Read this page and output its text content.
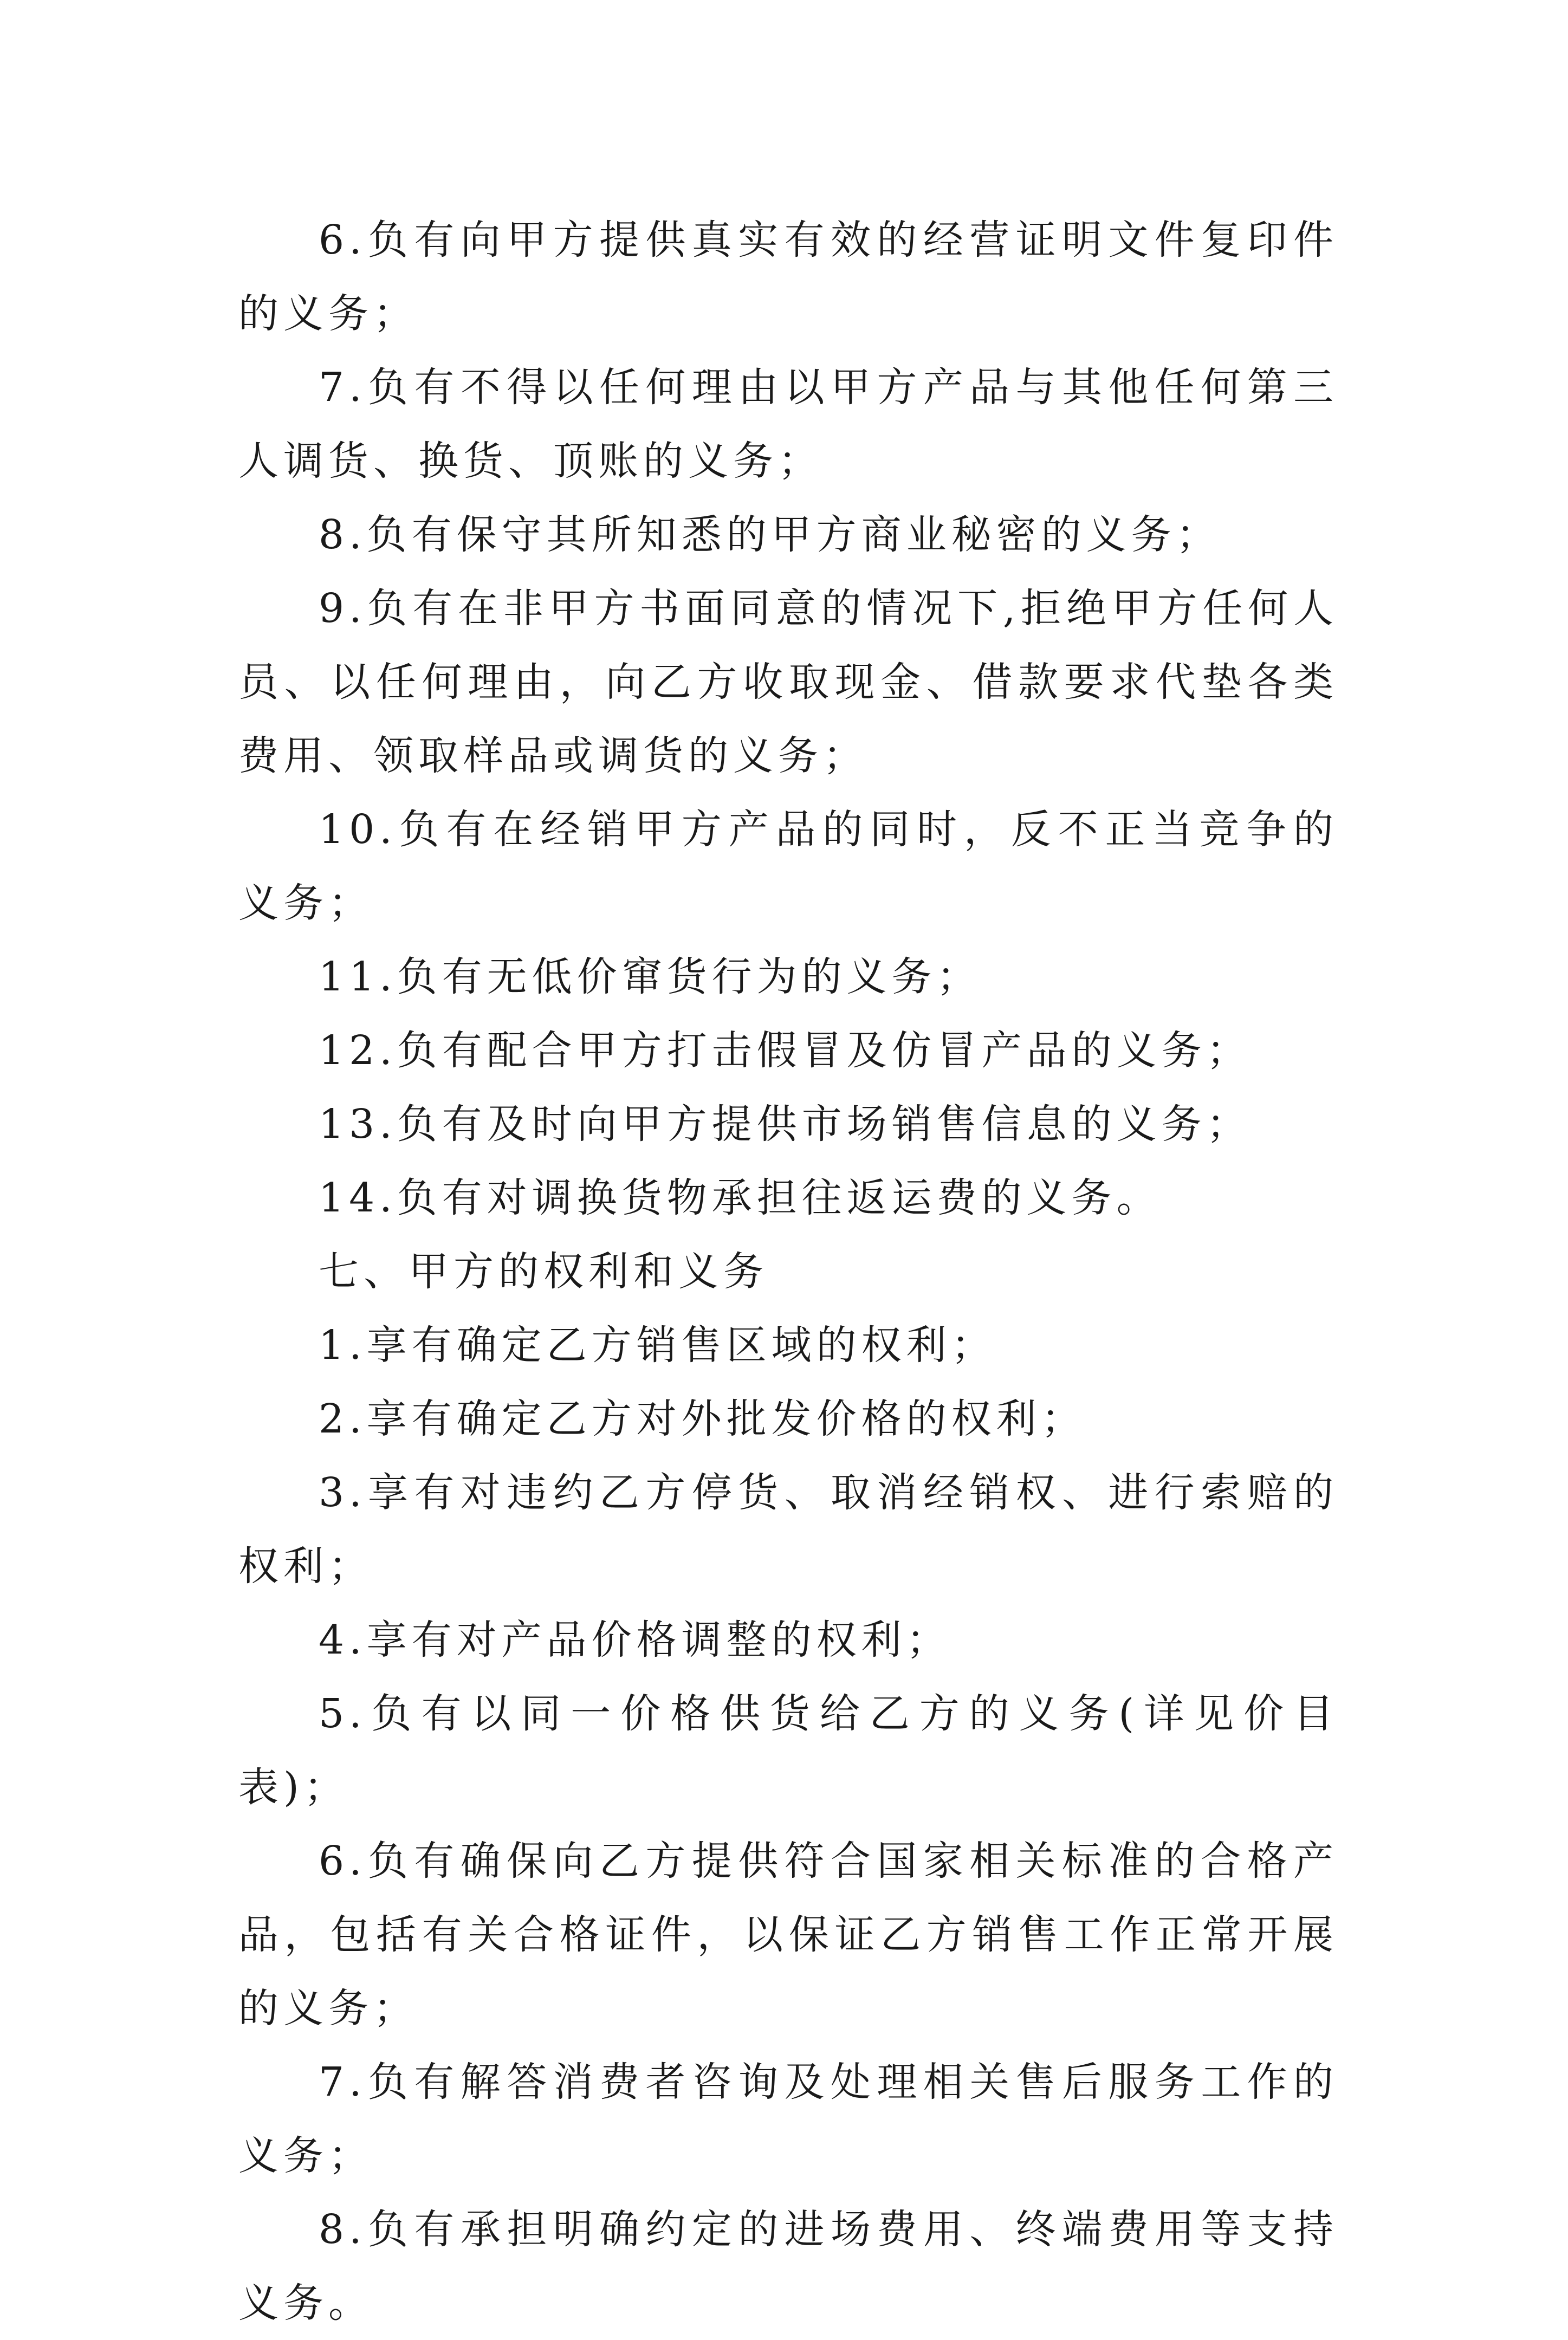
6.负有向甲方提供真实有效的经营证明文件复印件的义务；

7.负有不得以任何理由以甲方产品与其他任何第三人调货、换货、顶账的义务；

8.负有保守其所知悉的甲方商业秘密的义务；

9.负有在非甲方书面同意的情况下,拒绝甲方任何人员、以任何理由，向乙方收取现金、借款要求代垫各类费用、领取样品或调货的义务；

10.负有在经销甲方产品的同时，反不正当竞争的义务；

11.负有无低价窜货行为的义务；

12.负有配合甲方打击假冒及仿冒产品的义务；

13.负有及时向甲方提供市场销售信息的义务；

14.负有对调换货物承担往返运费的义务。

七、甲方的权利和义务

1.享有确定乙方销售区域的权利；

2.享有确定乙方对外批发价格的权利；

3.享有对违约乙方停货、取消经销权、进行索赔的权利；

4.享有对产品价格调整的权利；

5.负有以同一价格供货给乙方的义务(详见价目表)；

6.负有确保向乙方提供符合国家相关标准的合格产品，包括有关合格证件，以保证乙方销售工作正常开展的义务；

7.负有解答消费者咨询及处理相关售后服务工作的义务；

8.负有承担明确约定的进场费用、终端费用等支持义务。
